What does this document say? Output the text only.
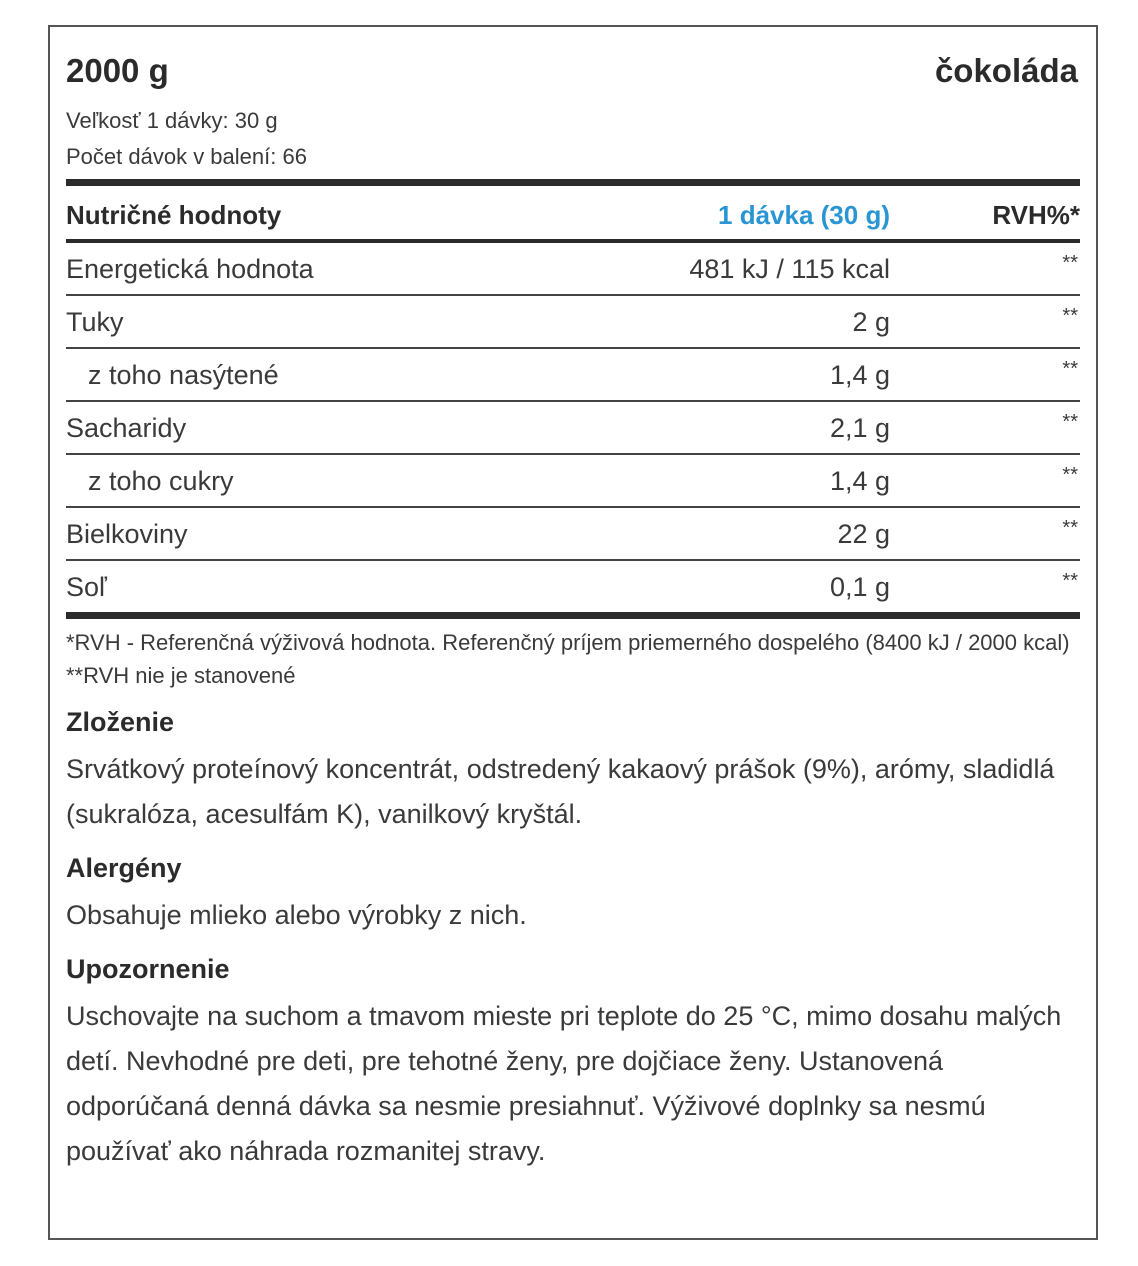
2000 g	čokoláda

Veľkosť 1 dávky: 30 g

Počet dávok v balení: 66

Nutričné hodnoty	1 dávka (30 g)	RVH%*
Energetická hodnota	481 kJ / 115 kcal	**
Tuky	2 g	**
z toho nasýtené	1,4 g	**
Sacharidy	2,1 g	**
z toho cukry	1,4 g	**
Bielkoviny	22 g	**
Soľ	0,1 g	**

*RVH - Referenčná výživová hodnota. Referenčný príjem priemerného dospelého (8400 kJ / 2000 kcal)

**RVH nie je stanovené

Zloženie

Srvátkový proteínový koncentrát, odstredený kakaový prášok (9%), arómy, sladidlá (sukralóza, acesulfám K), vanilkový kryštál.

Alergény

Obsahuje mlieko alebo výrobky z nich.

Upozornenie

Uschovajte na suchom a tmavom mieste pri teplote do 25 °C, mimo dosahu malých detí. Nevhodné pre deti, pre tehotné ženy, pre dojčiace ženy. Ustanovená odporúčaná denná dávka sa nesmie presiahnuť. Výživové doplnky sa nesmú používať ako náhrada rozmanitej stravy.
